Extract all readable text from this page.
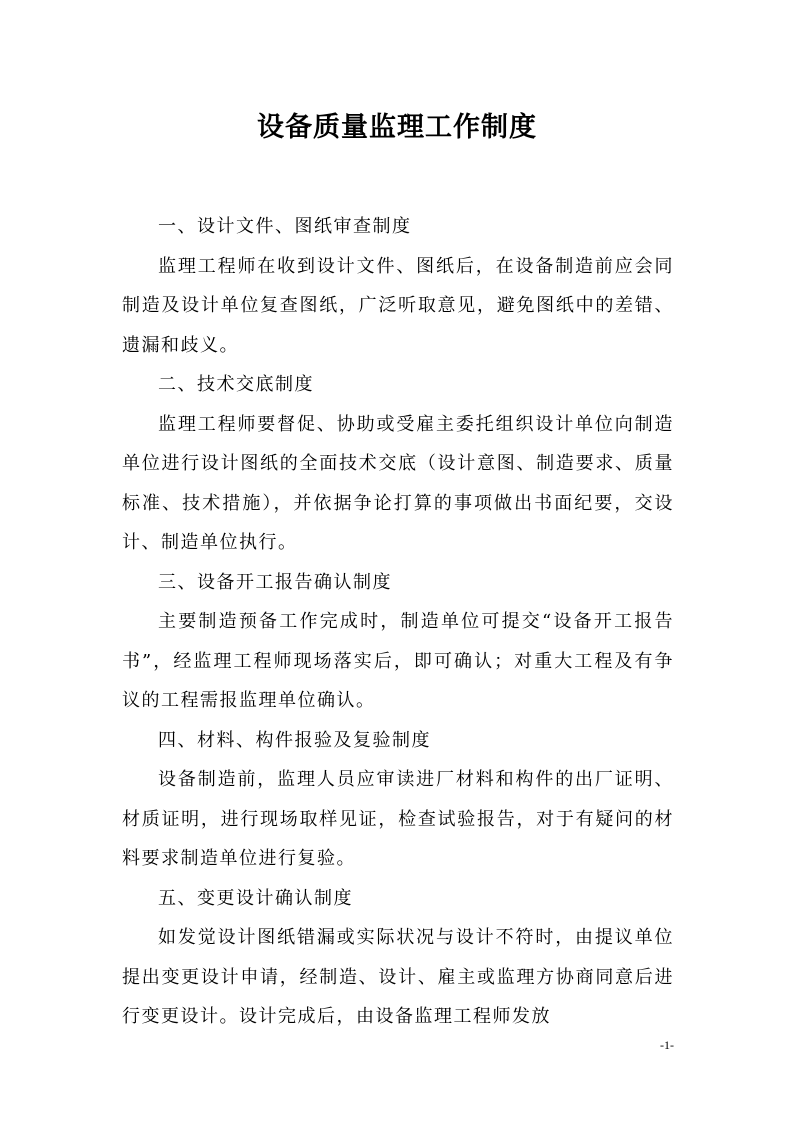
设备质量监理工作制度

一、设计文件、图纸审查制度

监理工程师在收到设计文件、图纸后，在设备制造前应会同制造及设计单位复查图纸，广泛听取意见，避免图纸中的差错、遗漏和歧义。

二、技术交底制度

监理工程师要督促、协助或受雇主委托组织设计单位向制造单位进行设计图纸的全面技术交底（设计意图、制造要求、质量标准、技术措施），并依据争论打算的事项做出书面纪要，交设计、制造单位执行。

三、设备开工报告确认制度

主要制造预备工作完成时，制造单位可提交“设备开工报告书”，经监理工程师现场落实后，即可确认；对重大工程及有争议的工程需报监理单位确认。

四、材料、构件报验及复验制度

设备制造前，监理人员应审读进厂材料和构件的出厂证明、材质证明，进行现场取样见证，检查试验报告，对于有疑问的材料要求制造单位进行复验。

五、变更设计确认制度

如发觉设计图纸错漏或实际状况与设计不符时，由提议单位提出变更设计申请，经制造、设计、雇主或监理方协商同意后进行变更设计。设计完成后，由设备监理工程师发放

-1-
